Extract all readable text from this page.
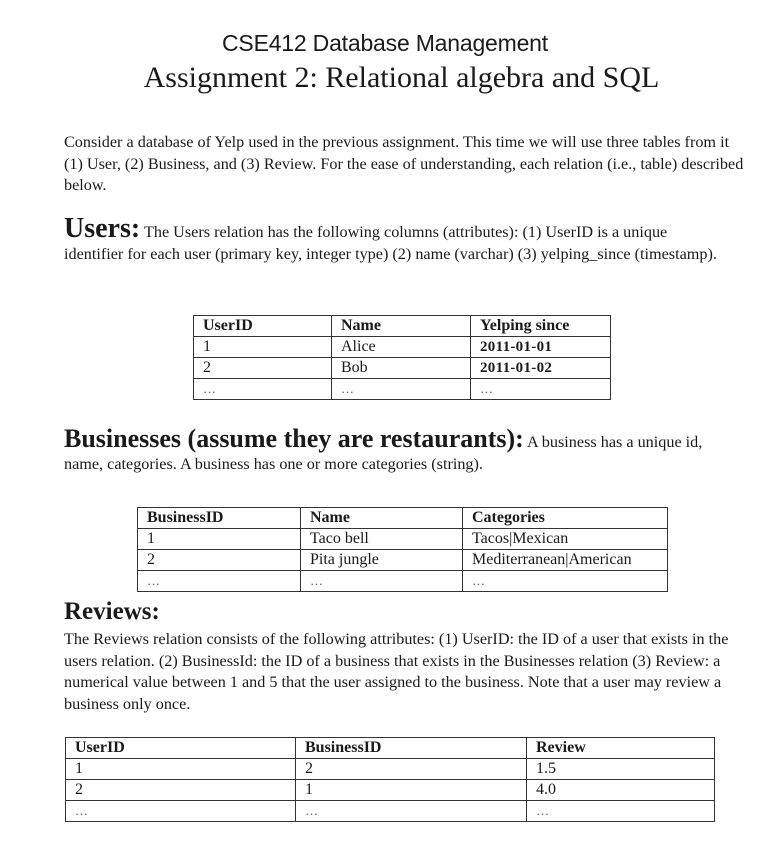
CSE412 Database Management
Assignment 2: Relational algebra and SQL
Consider a database of Yelp used in the previous assignment. This time we will use three tables from it (1) User, (2) Business, and (3) Review. For the ease of understanding, each relation (i.e., table) described below.
Users: The Users relation has the following columns (attributes): (1) UserID is a unique identifier for each user (primary key, integer type) (2) name (varchar) (3) yelping_since (timestamp).
UserID	Name	Yelping since
1	Alice	2011-01-01
2	Bob	2011-01-02
…	…	…
Businesses (assume they are restaurants): A business has a unique id, name, categories. A business has one or more categories (string).
BusinessID	Name	Categories
1	Taco bell	Tacos|Mexican
2	Pita jungle	Mediterranean|American
…	…	…
Reviews:
The Reviews relation consists of the following attributes: (1) UserID: the ID of a user that exists in the users relation. (2) BusinessId: the ID of a business that exists in the Businesses relation (3) Review: a numerical value between 1 and 5 that the user assigned to the business. Note that a user may review a business only once.
UserID	BusinessID	Review
1	2	1.5
2	1	4.0
…	…	…
